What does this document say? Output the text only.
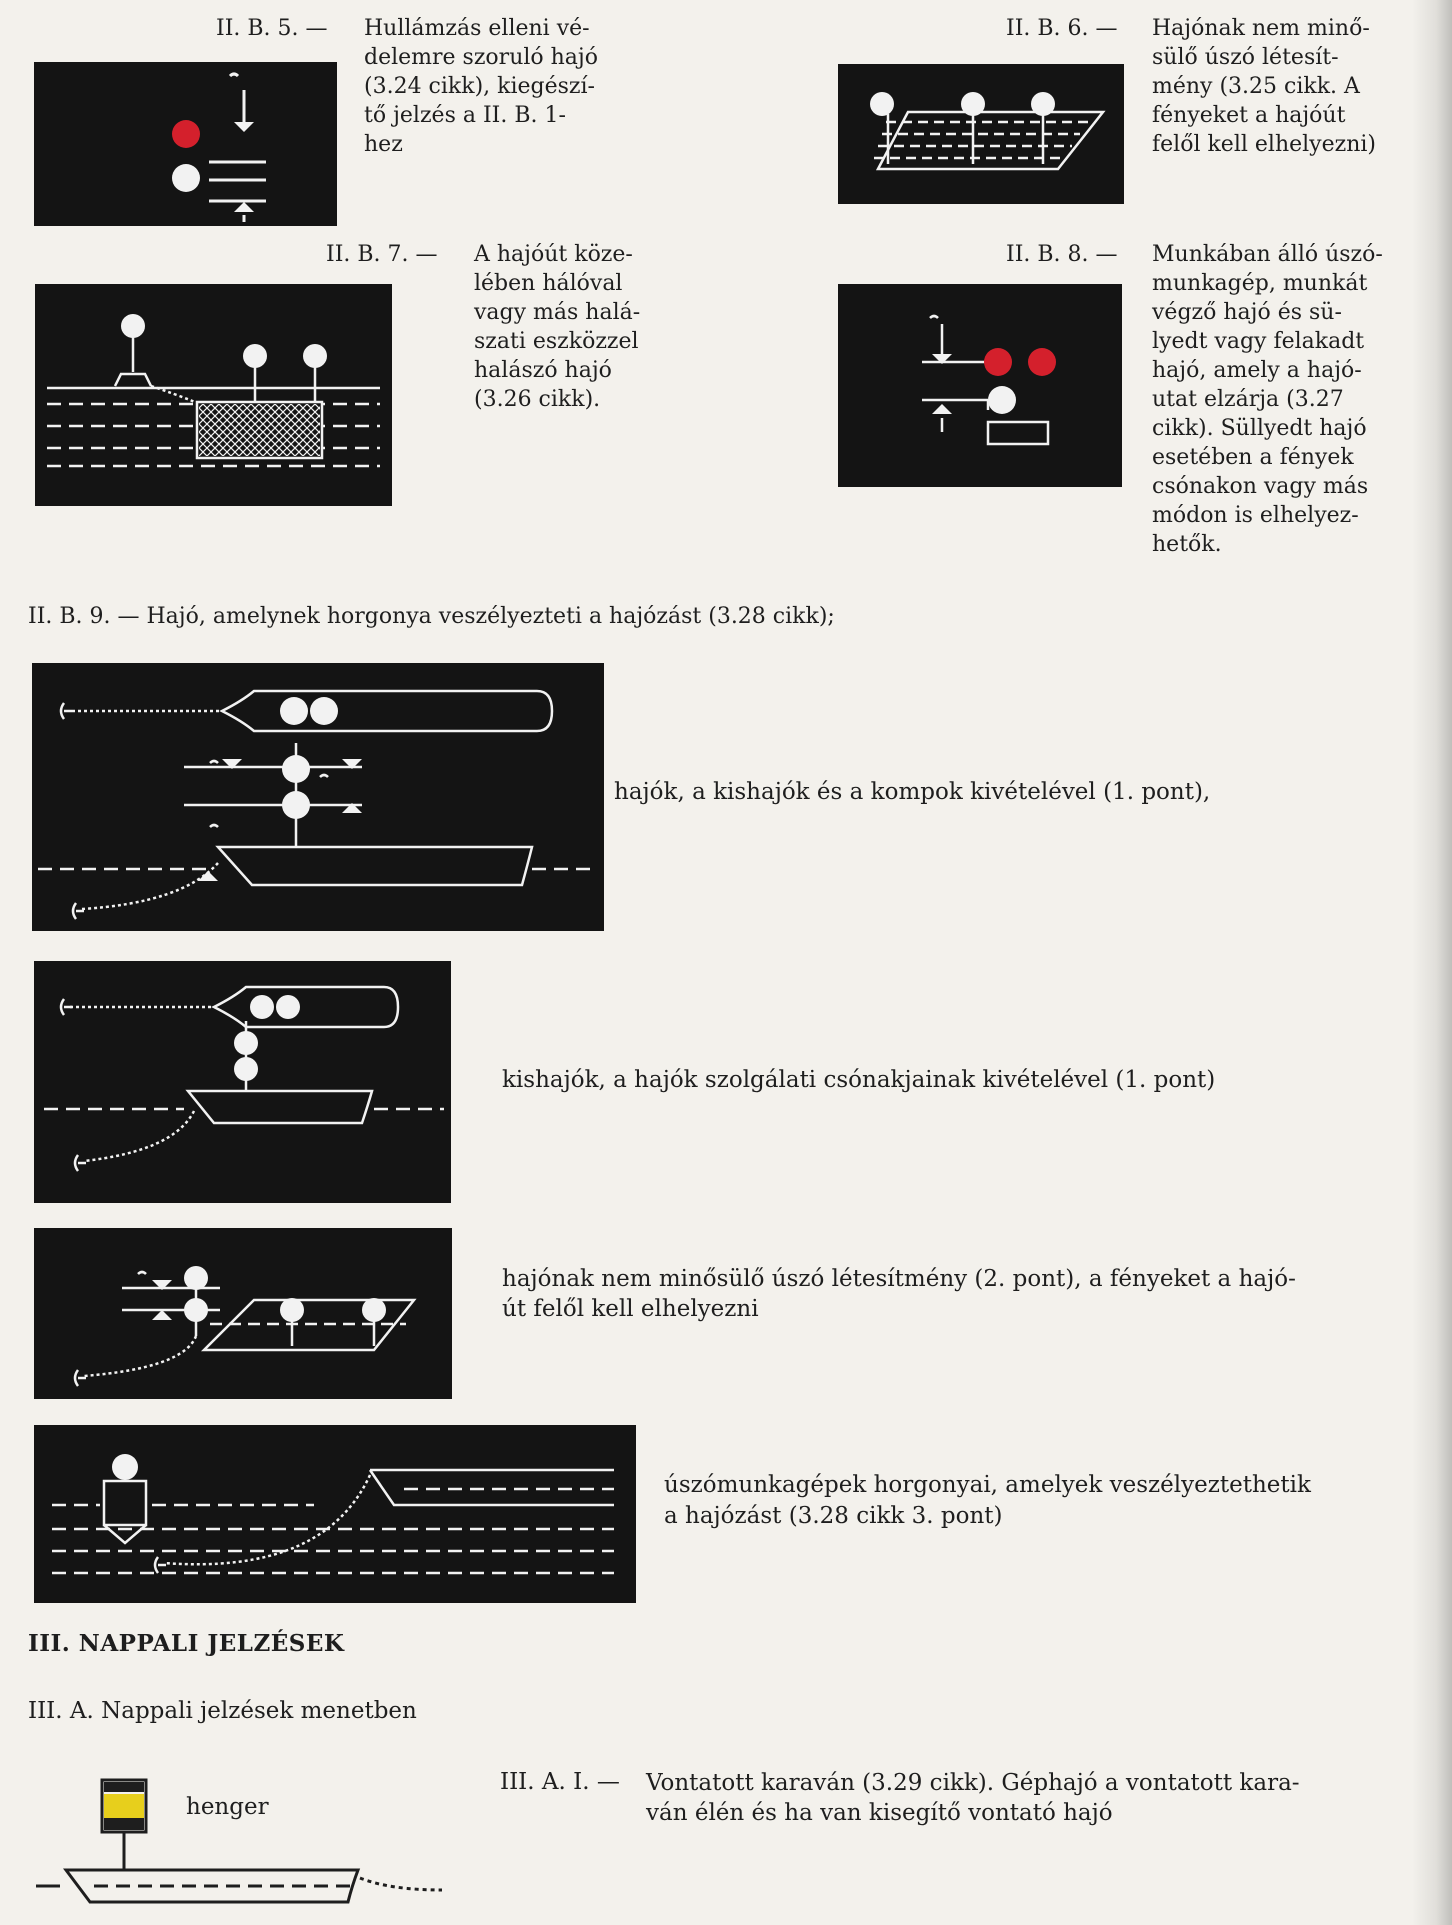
II. B. 5. — Hullámzás elleni vé-
delemre szoruló hajó
(3.24 cikk), kiegészí-
tő jelzés a II. B. 1-
hez
II. B. 6. — Hajónak nem minő-
sülő úszó létesít-
mény (3.25 cikk. A
fényeket a hajóút
felől kell elhelyezni)
II. B. 7. — A hajóút köze-
lében hálóval
vagy más halá-
szati eszközzel
halászó hajó
(3.26 cikk).
II. B. 8. — Munkában álló úszó-
munkagép, munkát
végző hajó és sü-
lyedt vagy felakadt
hajó, amely a hajó-
utat elzárja (3.27
cikk). Süllyedt hajó
esetében a fények
csónakon vagy más
módon is elhelyez-
hetők.
II. B. 9. — Hajó, amelynek horgonya veszélyezteti a hajózást (3.28 cikk);
hajók, a kishajók és a kompok kivételével (1. pont),
kishajók, a hajók szolgálati csónakjainak kivételével (1. pont)
hajónak nem minősülő úszó létesítmény (2. pont), a fényeket a hajó-
út felől kell elhelyezni
úszómunkagépek horgonyai, amelyek veszélyeztethetik
a hajózást (3.28 cikk 3. pont)
III. NAPPALI JELZÉSEK
III. A. Nappali jelzések menetben
henger
III. A. I. — Vontatott karaván (3.29 cikk). Géphajó a vontatott kara-
ván élén és ha van kisegítő vontató hajó
